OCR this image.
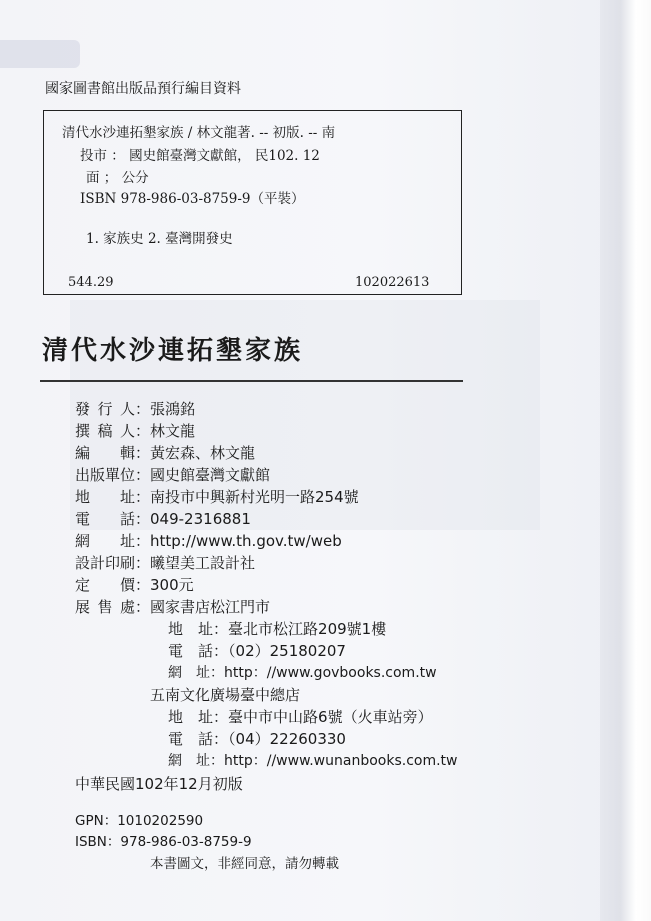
國家圖書館出版品預行編目資料
清代水沙連拓墾家族 / 林文龍著. -- 初版. -- 南
投市 ： 國史館臺灣文獻館， 民102. 12
面 ； 公分
ISBN 978-986-03-8759-9（平裝）
1. 家族史 2. 臺灣開發史
544.29	102022613
清代水沙連拓墾家族
發行人：張鴻銘
撰稿人：林文龍
編輯：黃宏森、林文龍
出版單位：國史館臺灣文獻館
地址：南投市中興新村光明一路254號
電話：049-2316881
網址：http://www.th.gov.tw/web
設計印刷：曦望美工設計社
定價：300元
展售處：國家書店松江門市
地　址：臺北市松江路209號1樓
電　話：（02）25180207
網　址：http：//www.govbooks.com.tw
五南文化廣場臺中總店
地　址：臺中市中山路6號（火車站旁）
電　話：（04）22260330
網　址：http：//www.wunanbooks.com.tw
中華民國102年12月初版
GPN：1010202590
ISBN：978-986-03-8759-9
本書圖文，非經同意，請勿轉載
